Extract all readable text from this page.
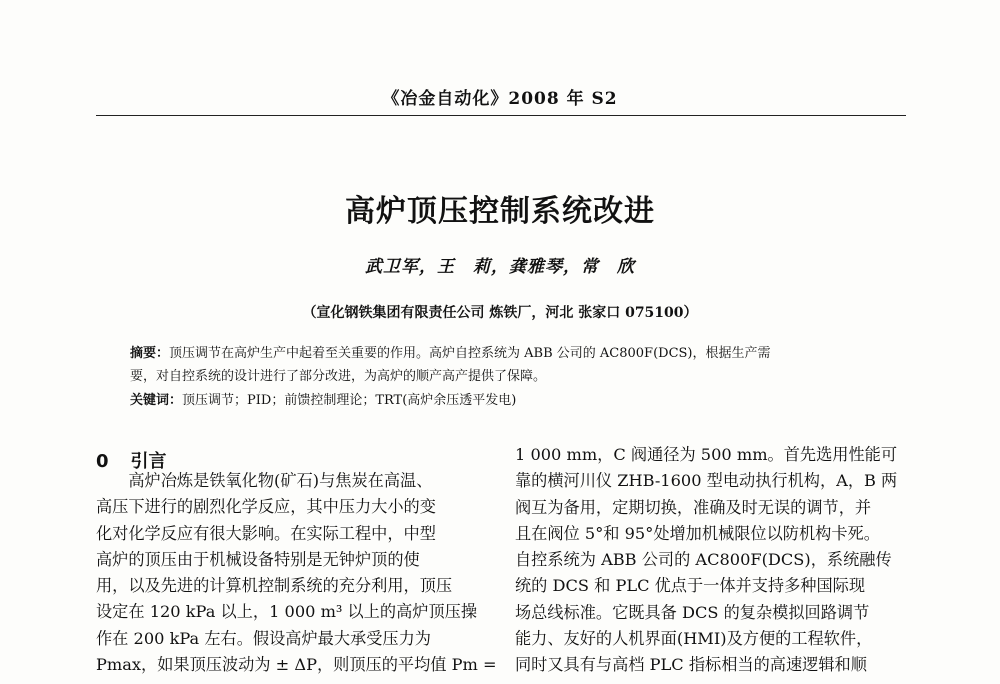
《冶金自动化》2008 年 S2
高炉顶压控制系统改进
武卫军，王　莉，龚雅琴，常　欣
（宣化钢铁集团有限责任公司 炼铁厂，河北 张家口 075100）
摘要：顶压调节在高炉生产中起着至关重要的作用。高炉自控系统为 ABB 公司的 AC800F(DCS)，根据生产需
要，对自控系统的设计进行了部分改进，为高炉的顺产高产提供了保障。
关键词：顶压调节；PID；前馈控制理论；TRT(高炉余压透平发电)
0 引言
　　高炉冶炼是铁氧化物(矿石)与焦炭在高温、
高压下进行的剧烈化学反应，其中压力大小的变
化对化学反应有很大影响。在实际工程中，中型
高炉的顶压由于机械设备特别是无钟炉顶的使
用，以及先进的计算机控制系统的充分利用，顶压
设定在 120 kPa 以上，1 000 m³ 以上的高炉顶压操
作在 200 kPa 左右。假设高炉最大承受压力为
Pmax，如果顶压波动为 ± ΔP，则顶压的平均值 Pm =
1 000 mm，C 阀通径为 500 mm。首先选用性能可
靠的横河川仪 ZHB-1600 型电动执行机构，A，B 两
阀互为备用，定期切换，准确及时无误的调节，并
且在阀位 5°和 95°处增加机械限位以防机构卡死。
自控系统为 ABB 公司的 AC800F(DCS)，系统融传
统的 DCS 和 PLC 优点于一体并支持多种国际现
场总线标准。它既具备 DCS 的复杂模拟回路调节
能力、友好的人机界面(HMI)及方便的工程软件，
同时又具有与高档 PLC 指标相当的高速逻辑和顺
